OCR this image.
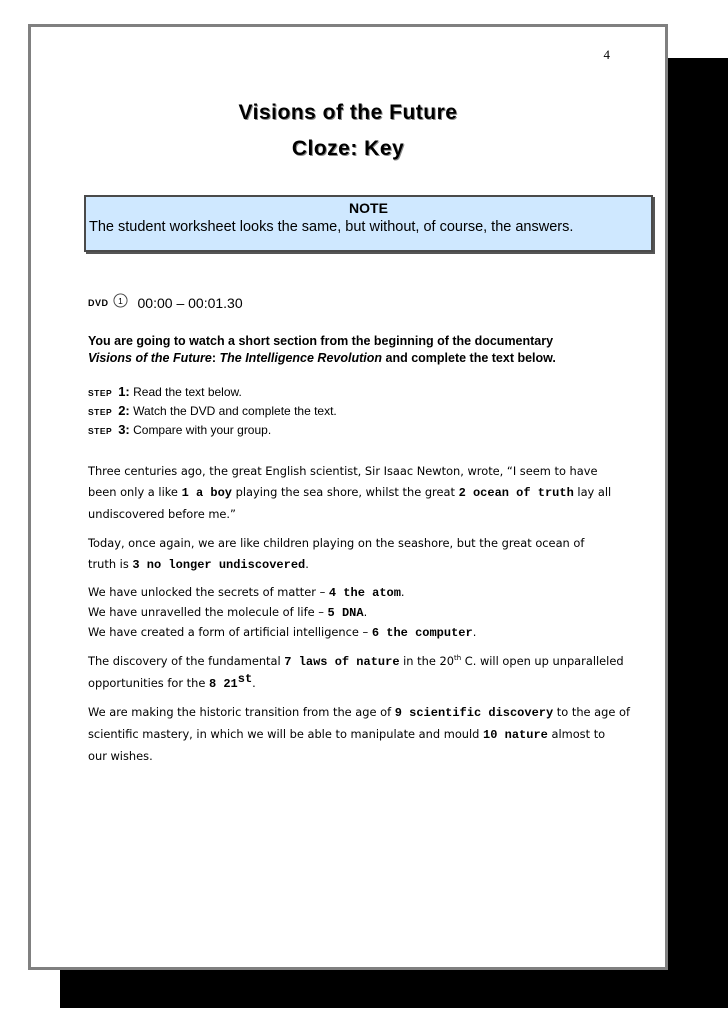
4
Visions of the Future
Cloze: Key
NOTE
The student worksheet looks the same, but without, of course, the answers.
DVD 1 00:00 – 00:01.30
You are going to watch a short section from the beginning of the documentary
Visions of the Future: The Intelligence Revolution and complete the text below.
STEP 1: Read the text below.
STEP 2: Watch the DVD and complete the text.
STEP 3: Compare with your group.
Three centuries ago, the great English scientist, Sir Isaac Newton, wrote, “I seem to have
been only a like 1 a boy playing the sea shore, whilst the great 2 ocean of truth lay all
undiscovered before me.”
Today, once again, we are like children playing on the seashore, but the great ocean of
truth is 3 no longer undiscovered.
We have unlocked the secrets of matter – 4 the atom.
We have unravelled the molecule of life – 5 DNA.
We have created a form of artificial intelligence – 6 the computer.
The discovery of the fundamental 7 laws of nature in the 20th C. will open up unparalleled
opportunities for the 8 21st.
We are making the historic transition from the age of 9 scientific discovery to the age of
scientific mastery, in which we will be able to manipulate and mould 10 nature almost to
our wishes.
